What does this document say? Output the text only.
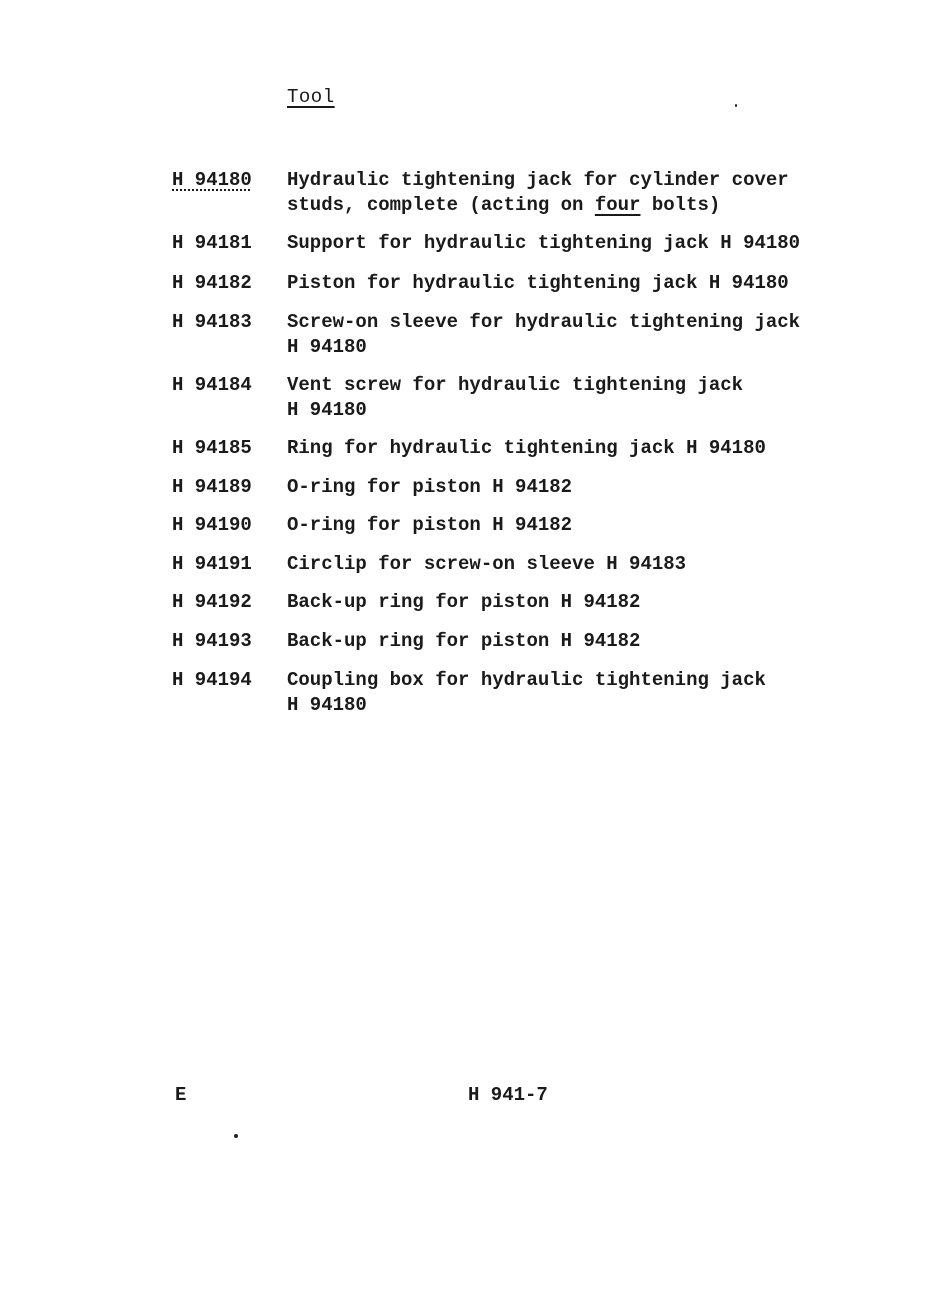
Tool
H 94180	Hydraulic tightening jack for cylinder cover
studs, complete (acting on four bolts)
H 94181	Support for hydraulic tightening jack H 94180
H 94182	Piston for hydraulic tightening jack H 94180
H 94183	Screw-on sleeve for hydraulic tightening jack
H 94180
H 94184	Vent screw for hydraulic tightening jack
H 94180
H 94185	Ring for hydraulic tightening jack H 94180
H 94189	O-ring for piston H 94182
H 94190	O-ring for piston H 94182
H 94191	Circlip for screw-on sleeve H 94183
H 94192	Back-up ring for piston H 94182
H 94193	Back-up ring for piston H 94182
H 94194	Coupling box for hydraulic tightening jack
H 94180
E	H 941-7
